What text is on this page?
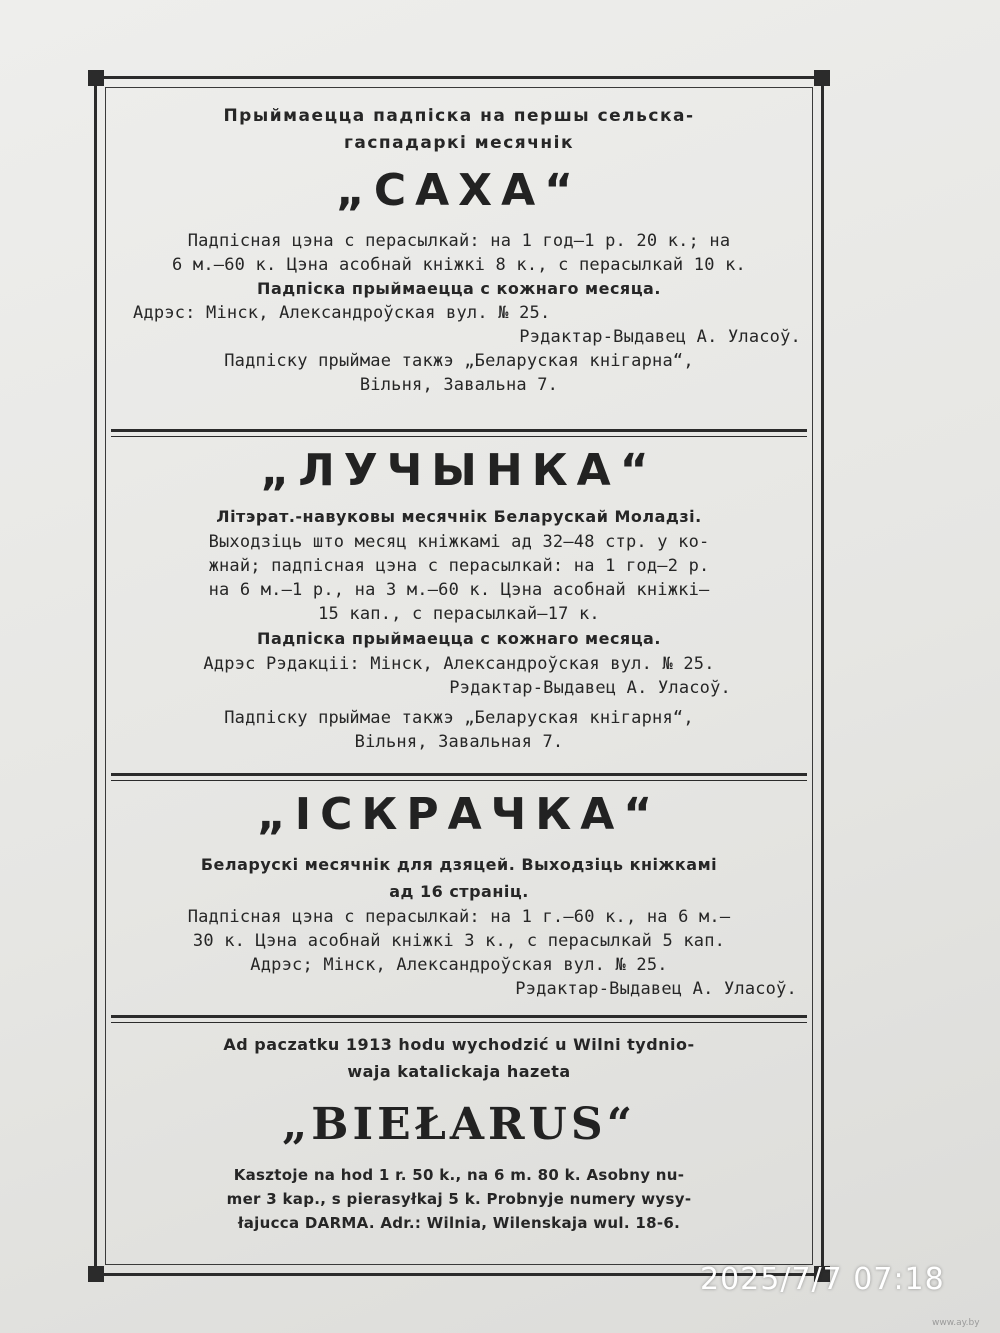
Прыймаецца падпіска на першы сельска-
гаспадаркі месячнік
„САХА“
Падпісная цэна с перасылкай: на 1 год—1 р. 20 к.; на
6 м.—60 к. Цэна асобнай кніжкі 8 к., с перасылкай 10 к.
Падпіска прыймаецца с кожнаго месяца.
Адрэс: Мінск, Александроўская вул. № 25.
Рэдактар-Выдавец А. Уласоў.
Падпіску прыймае такжэ „Беларуская кнігарна“,
Вільня, Завальна 7.
„ЛУЧЫНКА“
Літэрат.-навуковы месячнік Беларускай Моладзі.
Выходзіць што месяц кніжкамі ад 32—48 стр. у ко-
жнай; падпісная цэна с перасылкай: на 1 год—2 р.
на 6 м.—1 р., на 3 м.—60 к. Цэна асобнай кніжкі—
15 кап., с перасылкай—17 к.
Падпіска прыймаецца с кожнаго месяца.
Адрэс Рэдакціі: Мінск, Александроўская вул. № 25.
Рэдактар-Выдавец А. Уласоў.
Падпіску прыймае такжэ „Беларуская кнігарня“,
Вільня, Завальная 7.
„ІСКРАЧКА“
Беларускі месячнік для дзяцей. Выходзіць кніжкамі
ад 16 страніц.
Падпісная цэна с перасылкай: на 1 г.—60 к., на 6 м.—
30 к. Цэна асобнай кніжкі 3 к., с перасылкай 5 кап.
Адрэс; Мінск, Александроўская вул. № 25.
Рэдактар-Выдавец А. Уласоў.
Ad paczatku 1913 hodu wychodzić u Wilni tydnio-
waja katalickaja hazeta
„BIEŁARUS“
Kasztoje na hod 1 r. 50 k., na 6 m. 80 k. Asobny nu-
mer 3 kap., s pierasyłkaj 5 k. Probnyje numery wysy-
łajucca DARMA. Adr.: Wilnia, Wilenskaja wul. 18-6.
2025/7/7 07:18
www.ay.by
